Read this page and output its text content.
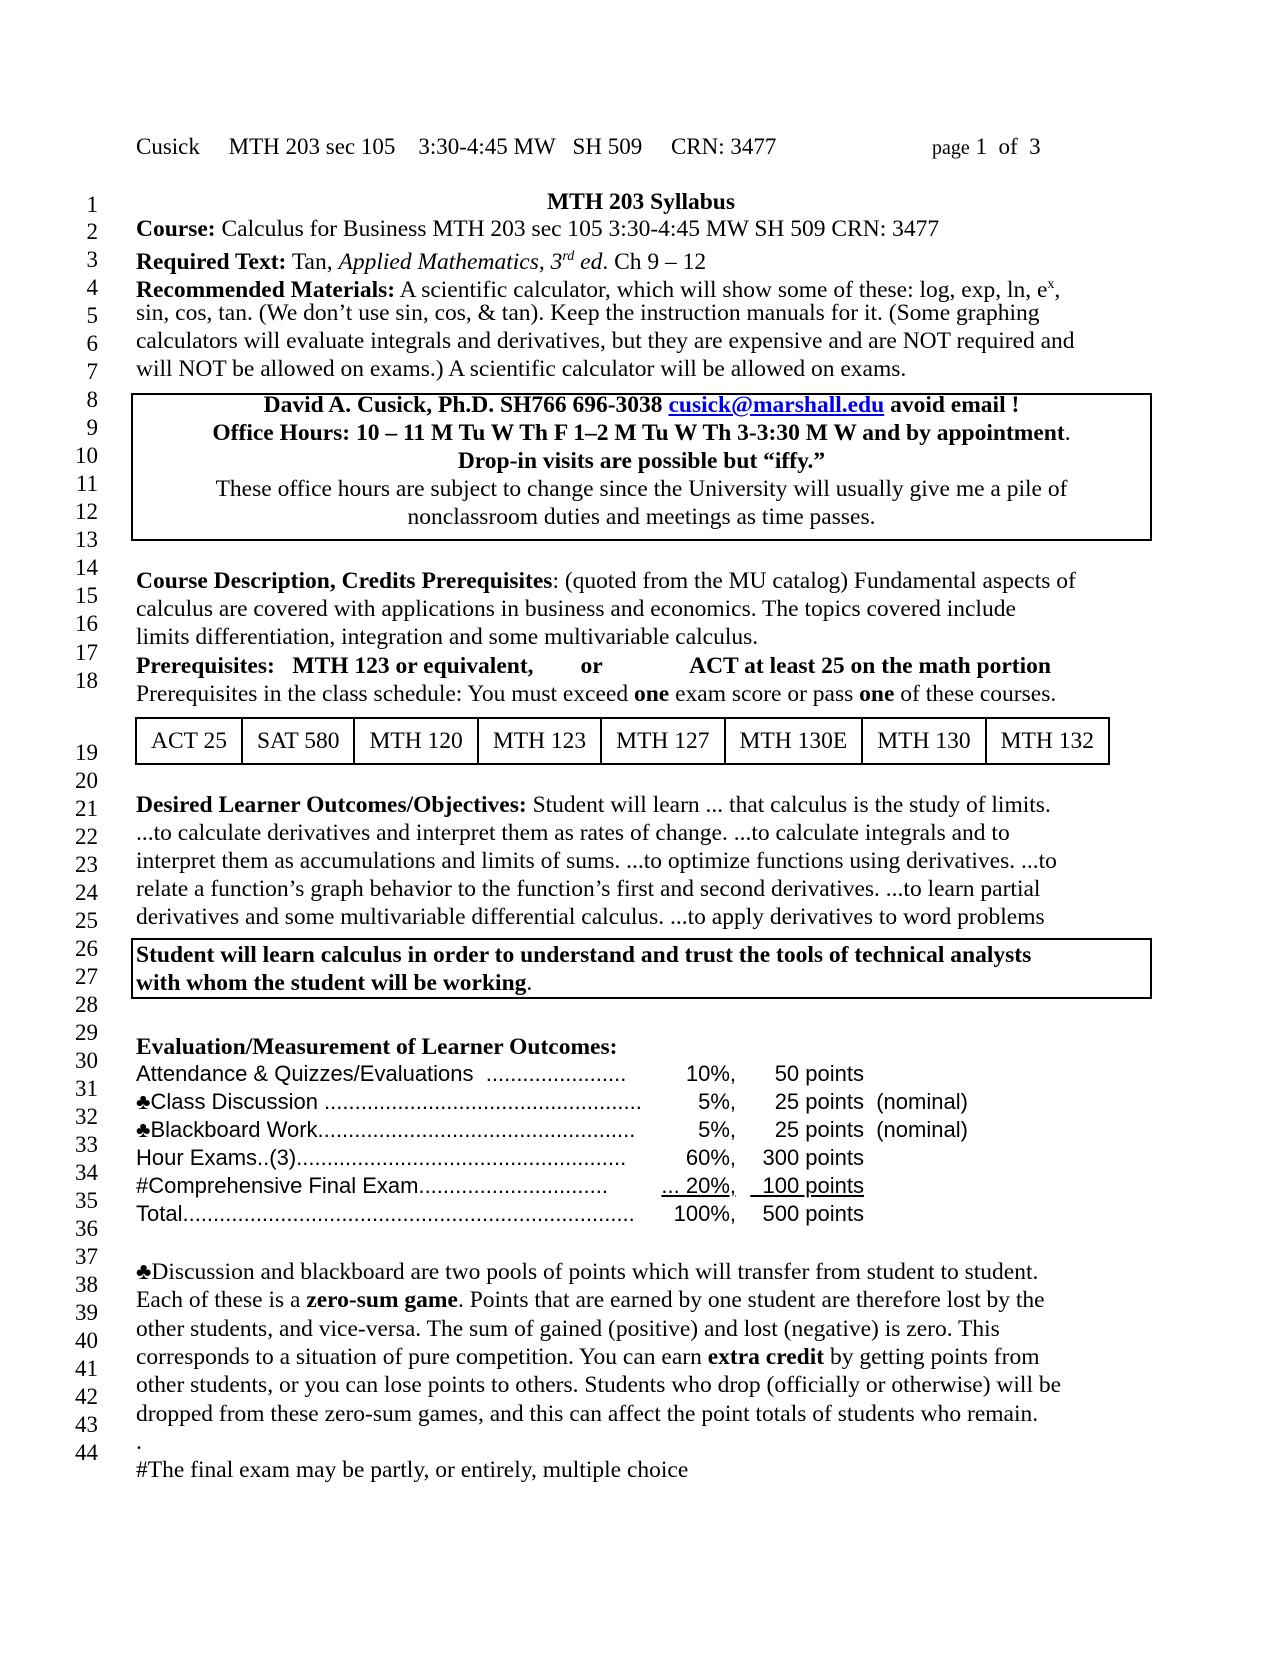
Cusick     MTH 203 sec 105    3:30-4:45 MW   SH 509     CRN: 3477	page 1  of  3
1
2
3
4
5
6
7
8
9
10
11
12
13
14
15
16
17
18
19
20
21
22
23
24
25
26
27
28
29
30
31
32
33
34
35
36
37
38
39
40
41
42
43
44
MTH 203 Syllabus
Course: Calculus for Business MTH 203 sec 105 3:30-4:45 MW SH 509 CRN: 3477
Required Text: Tan, Applied Mathematics, 3rd ed. Ch 9 – 12
Recommended Materials: A scientific calculator, which will show some of these: log, exp, ln, $e^x$,
sin, cos, tan. (We don’t use sin, cos, & tan). Keep the instruction manuals for it. (Some graphing
calculators will evaluate integrals and derivatives, but they are expensive and are NOT required and
will NOT be allowed on exams.) A scientific calculator will be allowed on exams.
David A. Cusick, Ph.D. SH766 696-3038 cusick@marshall.edu avoid email !
Office Hours: 10 – 11 M Tu W Th F 1–2 M Tu W Th 3-3:30 M W and by appointment.
Drop-in visits are possible but “iffy.”
These office hours are subject to change since the University will usually give me a pile of
nonclassroom duties and meetings as time passes.
Course Description, Credits Prerequisites: (quoted from the MU catalog) Fundamental aspects of
calculus are covered with applications in business and economics. The topics covered include
limits differentiation, integration and some multivariable calculus.
Prerequisites:   MTH 123 or equivalent,        or               ACT at least 25 on the math portion
Prerequisites in the class schedule: You must exceed one exam score or pass one of these courses.
ACT 25	SAT 580	MTH 120	MTH 123	MTH 127	MTH 130E	MTH 130	MTH 132
Desired Learner Outcomes/Objectives: Student will learn ... that calculus is the study of limits.
...to calculate derivatives and interpret them as rates of change. ...to calculate integrals and to
interpret them as accumulations and limits of sums. ...to optimize functions using derivatives. ...to
relate a function’s graph behavior to the function’s first and second derivatives. ...to learn partial
derivatives and some multivariable differential calculus. ...to apply derivatives to word problems
Student will learn calculus in order to understand and trust the tools of technical analysts
with whom the student will be working.
Evaluation/Measurement of Learner Outcomes:
Attendance & Quizzes/Evaluations  .......................	10%, 50 points
♣Class Discussion ....................................................	5%, 25 points (nominal)
♣Blackboard Work....................................................	5%, 25 points (nominal)
Hour Exams..(3)......................................................	60%, 300 points
#Comprehensive Final Exam...............................	... 20%, 100 points
Total..........................................................................	100%, 500 points
♣Discussion and blackboard are two pools of points which will transfer from student to student.
Each of these is a zero-sum game. Points that are earned by one student are therefore lost by the
other students, and vice-versa. The sum of gained (positive) and lost (negative) is zero. This
corresponds to a situation of pure competition. You can earn extra credit by getting points from
other students, or you can lose points to others. Students who drop (officially or otherwise) will be
dropped from these zero-sum games, and this can affect the point totals of students who remain.
.
#The final exam may be partly, or entirely, multiple choice
